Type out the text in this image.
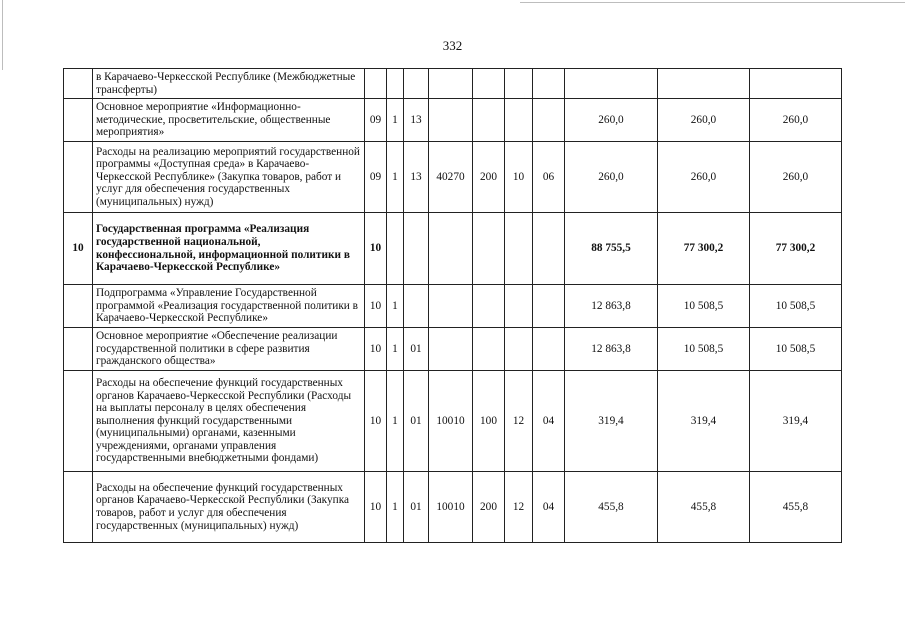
332
	в Карачаево-Черкесской Республике (Межбюджетные трансферты)										
	Основное мероприятие «Информационно-методические, просветительские, общественные мероприятия»	09	1	13					260,0	260,0	260,0
	Расходы на реализацию мероприятий государственной программы «Доступная среда» в Карачаево-Черкесской Республике» (Закупка товаров, работ и услуг для обеспечения государственных (муниципальных) нужд)	09	1	13	40270	200	10	06	260,0	260,0	260,0
10	Государственная программа «Реализация государственной национальной, конфессиональной, информационной политики в Карачаево-Черкесской Республике»	10							88 755,5	77 300,2	77 300,2
	Подпрограмма «Управление Государственной программой «Реализация государственной политики в Карачаево-Черкесской Республике»	10	1						12 863,8	10 508,5	10 508,5
	Основное мероприятие «Обеспечение реализации государственной политики в сфере развития гражданского общества»	10	1	01					12 863,8	10 508,5	10 508,5
	Расходы на обеспечение функций государственных органов Карачаево-Черкесской Республики (Расходы на выплаты персоналу в целях обеспечения выполнения функций государственными (муниципальными) органами, казенными учреждениями, органами управления государственными внебюджетными фондами)	10	1	01	10010	100	12	04	319,4	319,4	319,4
	Расходы на обеспечение функций государственных органов Карачаево-Черкесской Республики (Закупка товаров, работ и услуг для обеспечения государственных (муниципальных) нужд)	10	1	01	10010	200	12	04	455,8	455,8	455,8
